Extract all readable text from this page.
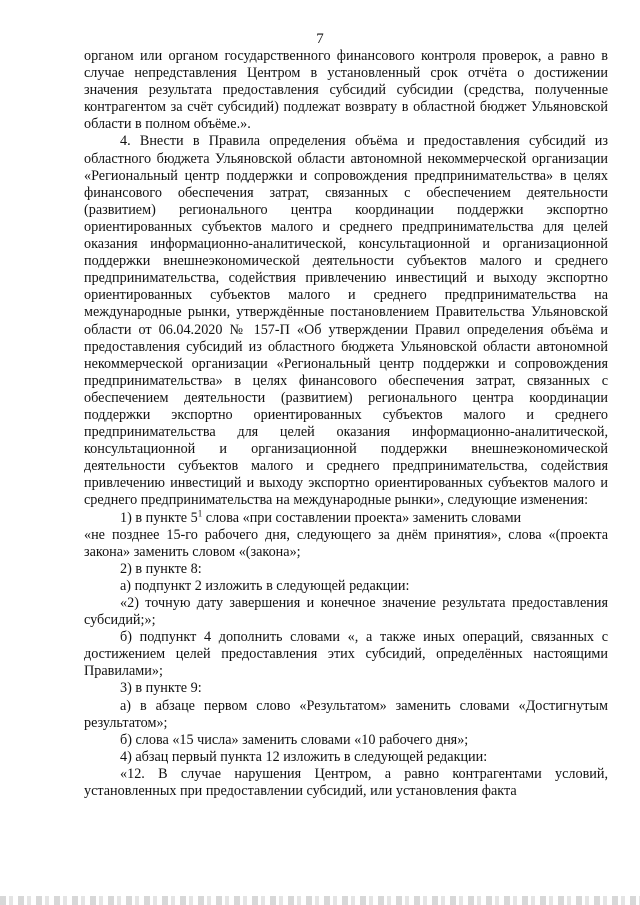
7

органом или органом государственного финансового контроля проверок, а равно в случае непредставления Центром в установленный срок отчёта о достижении значения результата предоставления субсидий субсидии (средства, полученные контрагентом за счёт субсидий) подлежат возврату в областной бюджет Ульяновской области в полном объёме.».

4. Внести в Правила определения объёма и предоставления субсидий из областного бюджета Ульяновской области автономной некоммерческой организации «Региональный центр поддержки и сопровождения предпринимательства» в целях финансового обеспечения затрат, связанных с обеспечением деятельности (развитием) регионального центра координации поддержки экспортно ориентированных субъектов малого и среднего предпринимательства для целей оказания информационно-аналитической, консультационной и организационной поддержки внешнеэкономической деятельности субъектов малого и среднего предпринимательства, содействия привлечению инвестиций и выходу экспортно ориентированных субъектов малого и среднего предпринимательства на международные рынки, утверждённые постановлением Правительства Ульяновской области от 06.04.2020 № 157-П «Об утверждении Правил определения объёма и предоставления субсидий из областного бюджета Ульяновской области автономной некоммерческой организации «Региональный центр поддержки и сопровождения предпринимательства» в целях финансового обеспечения затрат, связанных с обеспечением деятельности (развитием) регионального центра координации поддержки экспортно ориентированных субъектов малого и среднего предпринимательства для целей оказания информационно-аналитической, консультационной и организационной поддержки внешнеэкономической деятельности субъектов малого и среднего предпринимательства, содействия привлечению инвестиций и выходу экспортно ориентированных субъектов малого и среднего предпринимательства на международные рынки», следующие изменения:

1) в пункте $5^1$ слова «при составлении проекта» заменить словами

«не позднее 15-го рабочего дня, следующего за днём принятия», слова «(проекта закона» заменить словом «(закона»;

2) в пункте 8:

а) подпункт 2 изложить в следующей редакции:

«2) точную дату завершения и конечное значение результата предоставления субсидий;»;

б) подпункт 4 дополнить словами «, а также иных операций, связанных с достижением целей предоставления этих субсидий, определённых настоящими Правилами»;

3) в пункте 9:

а) в абзаце первом слово «Результатом» заменить словами «Достигнутым результатом»;

б) слова «15 числа» заменить словами «10 рабочего дня»;

4) абзац первый пункта 12 изложить в следующей редакции:

«12. В случае нарушения Центром, а равно контрагентами условий, установленных при предоставлении субсидий, или установления факта
